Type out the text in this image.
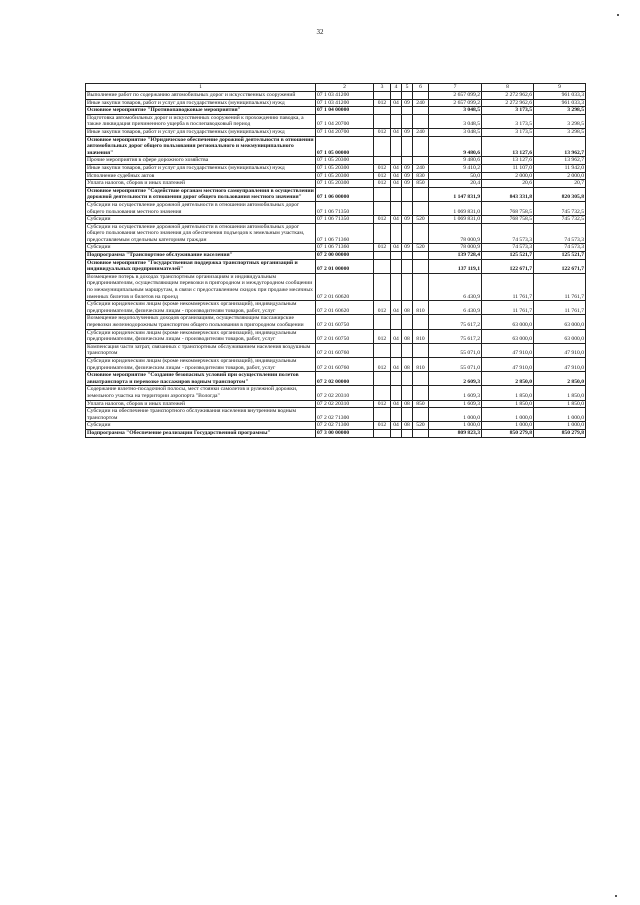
32
1	2	3	4	5	6	7	8	9
Выполнение работ по содержанию автомобильных дорог и искусственных сооружений	07 1 03 41200					2 657 099,2	2 272 962,6	961 033,3
Иные закупки товаров, работ и услуг для государственных (муниципальных) нужд	07 1 03 41200	012	04	09	240	2 657 099,2	2 272 962,6	961 033,3
Основное мероприятие "Противопаводковые мероприятия"	07 1 04 00000					3 048,5	3 173,5	3 298,5
Подготовка автомобильных дорог и искусственных сооружений к прохождению паводка, а также ликвидация причиненного ущерба в послепаводковый период	07 1 04 20700					3 048,5	3 173,5	3 298,5
Иные закупки товаров, работ и услуг для государственных (муниципальных) нужд	07 1 04 20700	012	04	09	240	3 048,5	3 173,5	3 298,5
Основное мероприятие "Юридическое обеспечение дорожной деятельности в отношении автомобильных дорог общего пользования регионального и межмуниципального значения"	07 1 05 00000					9 480,6	13 127,6	13 962,7
Прочие мероприятия в сфере дорожного хозяйства	07 1 05 20300					9 480,6	13 127,6	13 962,7
Иные закупки товаров, работ и услуг для государственных (муниципальных) нужд	07 1 05 20300	012	04	09	240	9 410,2	11 107,0	11 942,0
Исполнение судебных актов	07 1 05 20300	012	04	09	830	50,0	2 000,0	2 000,0
Уплата налогов, сборов и иных платежей	07 1 05 20300	012	04	09	850	20,4	20,6	20,7
Основное мероприятие "Содействие органам местного самоуправления в осуществлении дорожной деятельности в отношении дорог общего пользования местного значения"	07 1 06 00000					1 147 831,9	843 331,8	820 305,8
Субсидии на осуществление дорожной деятельности в отношении автомобильных дорог общего пользования местного значения	07 1 06 71350					1 069 831,0	768 758,5	745 732,5
Субсидии	07 1 06 71350	012	04	09	520	1 069 831,0	768 758,5	745 732,5
Субсидии на осуществление дорожной деятельности в отношении автомобильных дорог общего пользования местного значения для обеспечения подъездов к земельным участкам, предоставляемым отдельным категориям граждан	07 1 06 71360					78 000,9	74 573,3	74 573,3
Субсидии	07 1 06 71360	012	04	09	520	78 000,9	74 573,3	74 573,3
Подпрограмма "Транспортное обслуживание населения"	07 2 00 00000					139 728,4	125 521,7	125 521,7
Основное мероприятие "Государственная поддержка транспортных организаций и индивидуальных предпринимателей"	07 2 01 00000					137 119,1	122 671,7	122 671,7
Возмещение потерь в доходах транспортным организациям и индивидуальным предпринимателям, осуществляющим перевозки в пригородном и междугородном сообщении по межмуниципальным маршрутам, в связи с предоставлением скидок при продаже месячных именных билетов и билетов на проезд	07 2 01 60620					6 430,9	11 761,7	11 761,7
Субсидии юридическим лицам (кроме некоммерческих организаций), индивидуальным предпринимателям, физическим лицам - производителям товаров, работ, услуг	07 2 01 60620	012	04	08	810	6 430,9	11 761,7	11 761,7
Возмещение недополученных доходов организациям, осуществляющим пассажирские перевозки железнодорожным транспортом общего пользования в пригородном сообщении	07 2 01 60750					75 617,2	63 000,0	63 000,0
Субсидии юридическим лицам (кроме некоммерческих организаций), индивидуальным предпринимателям, физическим лицам - производителям товаров, работ, услуг	07 2 01 60750	012	04	08	810	75 617,2	63 000,0	63 000,0
Компенсация части затрат, связанных с транспортным обслуживанием населения воздушным транспортом	07 2 01 60760					55 071,0	47 910,0	47 910,0
Субсидии юридическим лицам (кроме некоммерческих организаций), индивидуальным предпринимателям, физическим лицам - производителям товаров, работ, услуг	07 2 01 60760	012	04	08	810	55 071,0	47 910,0	47 910,0
Основное мероприятие "Создание безопасных условий при осуществлении полетов авиатранспорта и перевозке пассажиров водным транспортом"	07 2 02 00000					2 609,3	2 850,0	2 850,0
Содержание взлетно-посадочной полосы, мест стоянки самолетов и рулежной дорожки, земельного участка на территории аэропорта "Вологда"	07 2 02 20310					1 609,3	1 850,0	1 850,0
Уплата налогов, сборов и иных платежей	07 2 02 20310	012	04	08	850	1 609,3	1 850,0	1 850,0
Субсидии на обеспечение транспортного обслуживания населения внутренним водным транспортом	07 2 02 71300					1 000,0	1 000,0	1 000,0
Субсидии	07 2 02 71300	012	04	08	520	1 000,0	1 000,0	1 000,0
Подпрограмма "Обеспечение реализации Государственной программы"	07 3 00 00000					809 823,3	850 279,8	850 279,8
